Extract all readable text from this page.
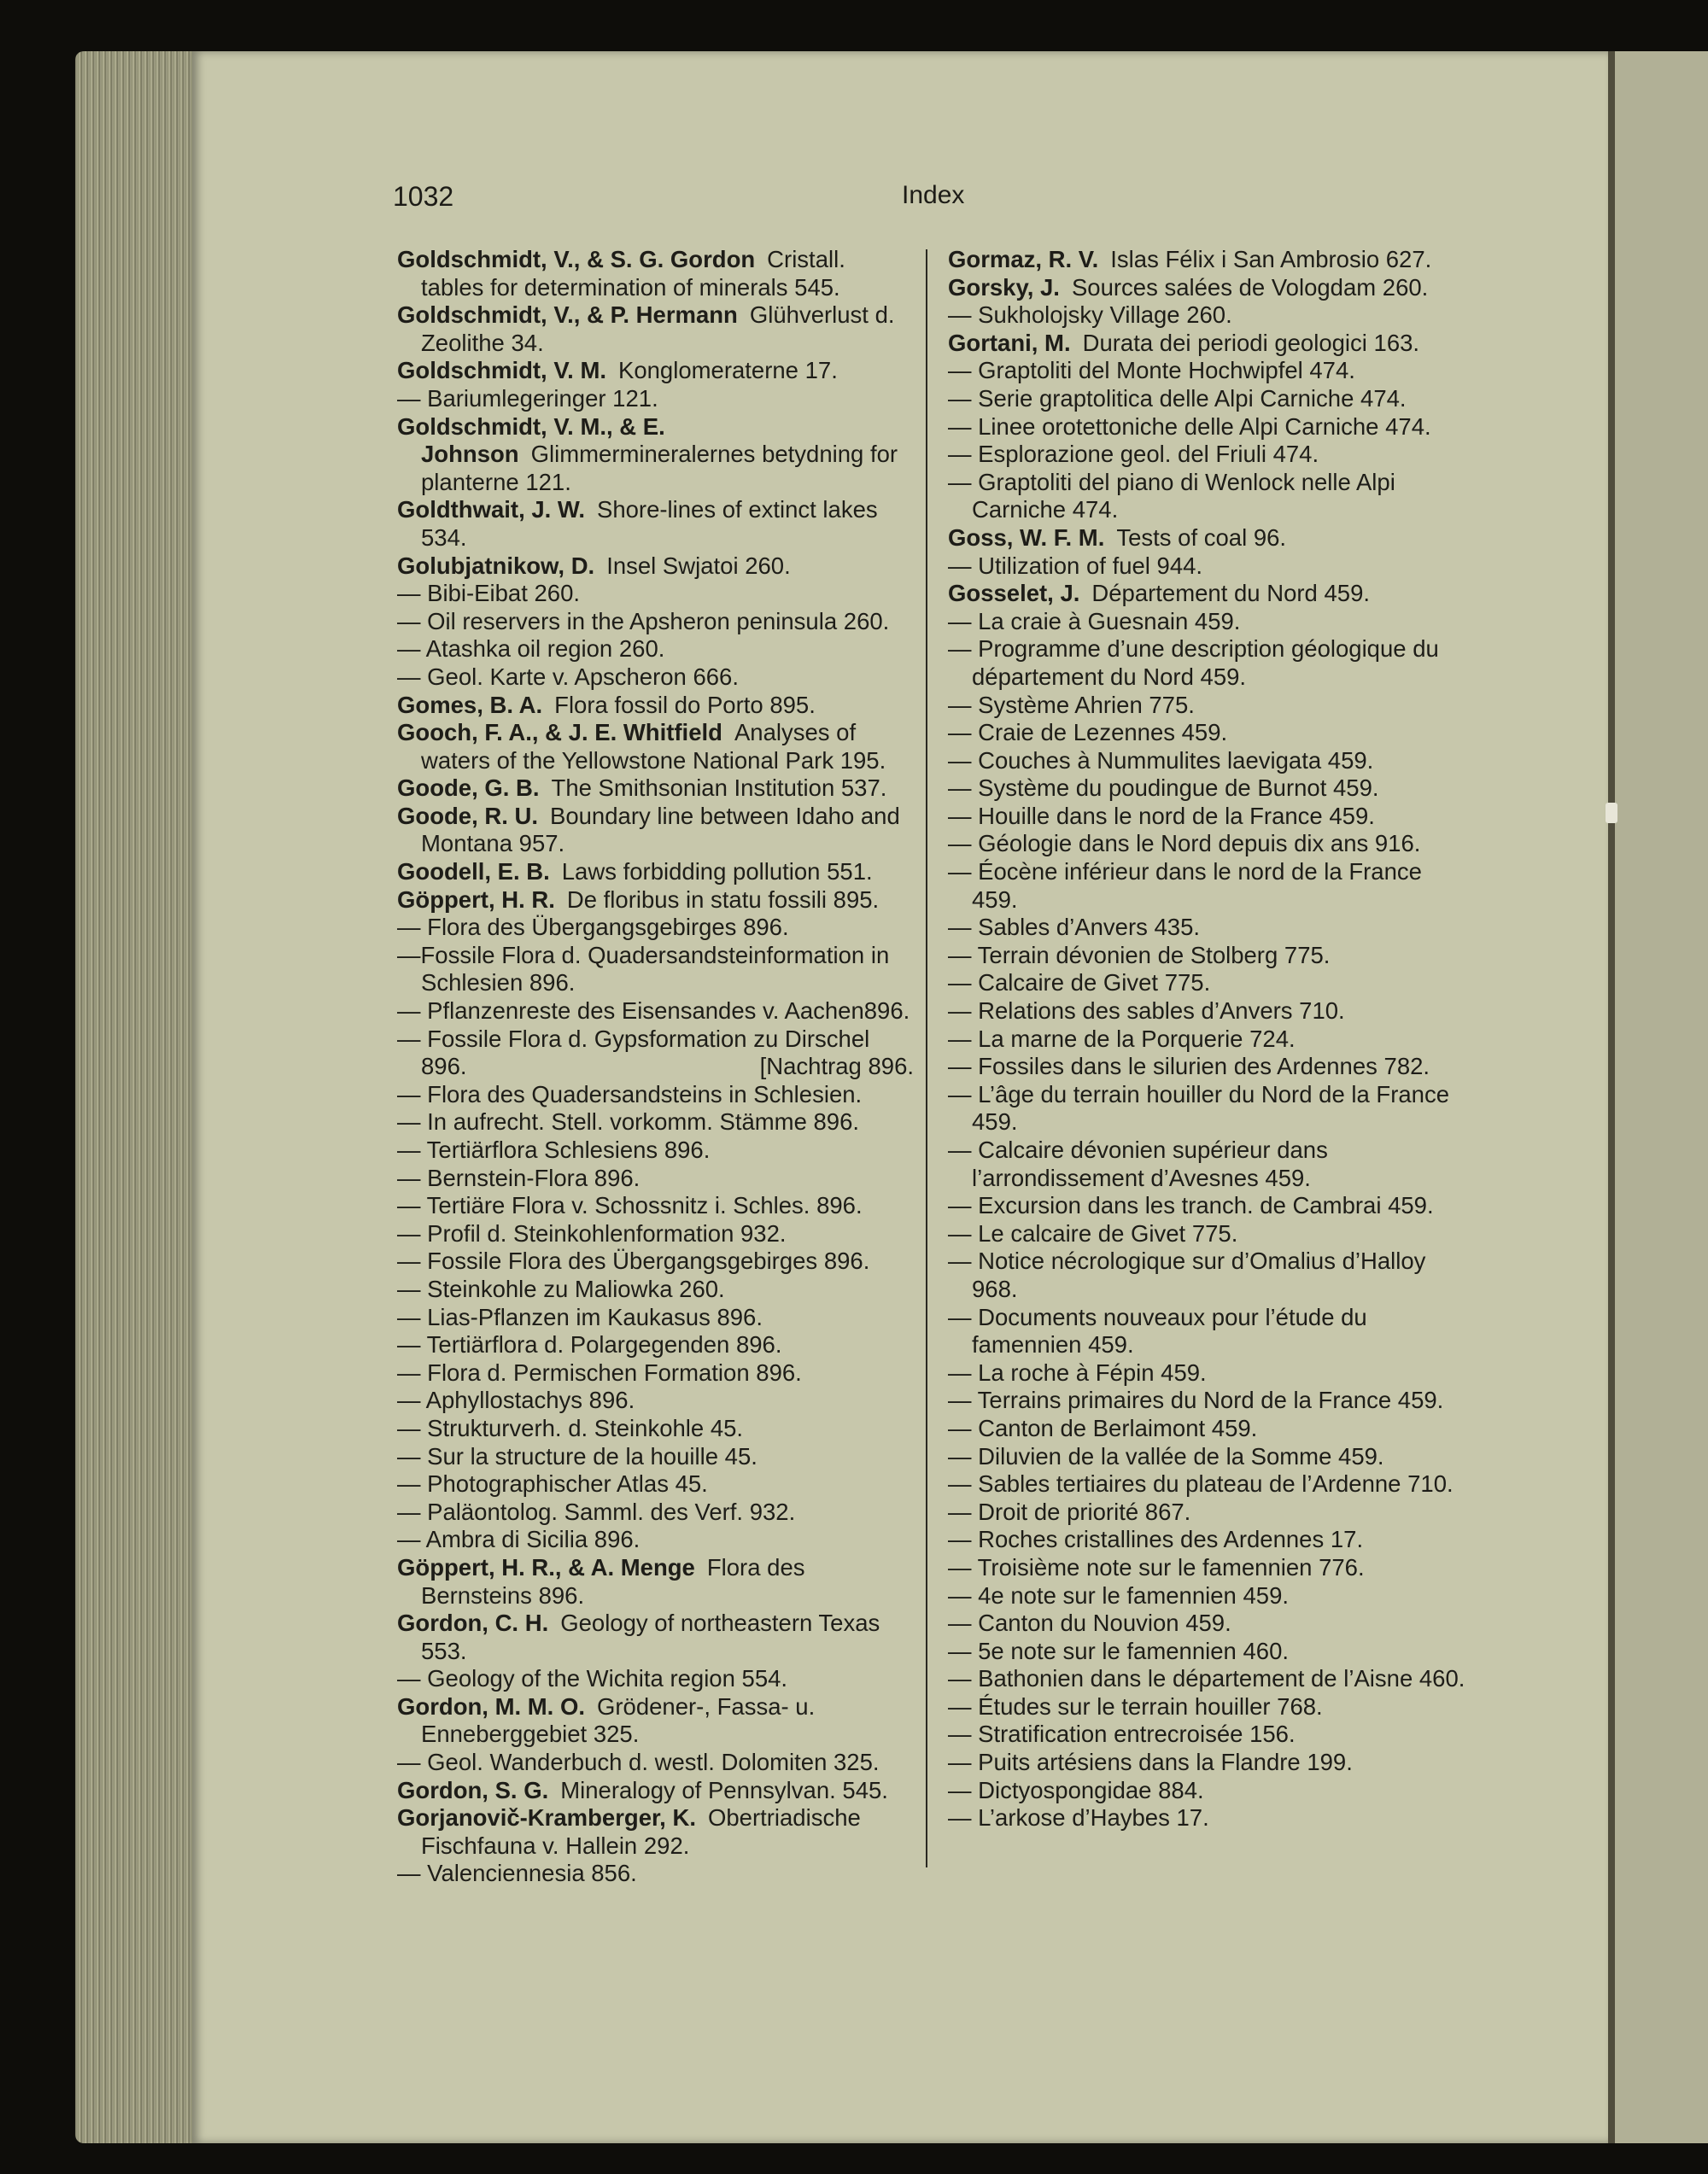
1032	Index
Goldschmidt, V., & S. G. Gordon Cristall. tables for determination of minerals 545.
Goldschmidt, V., & P. Hermann Glühverlust d. Zeolithe 34.
Goldschmidt, V. M. Konglomeraterne 17.
— Bariumlegeringer 121.
Goldschmidt, V. M., & E. Johnson Glimmermineralernes betydning for planterne 121.
Goldthwait, J. W. Shore-lines of extinct lakes 534.
Golubjatnikow, D. Insel Swjatoi 260.
— Bibi-Eibat 260.
— Oil reservers in the Apsheron peninsula 260.
— Atashka oil region 260.
— Geol. Karte v. Apscheron 666.
Gomes, B. A. Flora fossil do Porto 895.
Gooch, F. A., & J. E. Whitfield Analyses of waters of the Yellowstone National Park 195.
Goode, G. B. The Smithsonian Institution 537.
Goode, R. U. Boundary line between Idaho and Montana 957.
Goodell, E. B. Laws forbidding pollution 551.
Göppert, H. R. De floribus in statu fossili 895.
— Flora des Übergangsgebirges 896.
—Fossile Flora d. Quadersandsteinformation in Schlesien 896.
— Pflanzenreste des Eisensandes v. Aachen896.
— Fossile Flora d. Gypsformation zu Dirschel 896.	[Nachtrag 896.
— Flora des Quadersandsteins in Schlesien.
— In aufrecht. Stell. vorkomm. Stämme 896.
— Tertiärflora Schlesiens 896.
— Bernstein-Flora 896.
— Tertiäre Flora v. Schossnitz i. Schles. 896.
— Profil d. Steinkohlenformation 932.
— Fossile Flora des Übergangsgebirges 896.
— Steinkohle zu Maliowka 260.
— Lias-Pflanzen im Kaukasus 896.
— Tertiärflora d. Polargegenden 896.
— Flora d. Permischen Formation 896.
— Aphyllostachys 896.
— Strukturverh. d. Steinkohle 45.
— Sur la structure de la houille 45.
— Photographischer Atlas 45.
— Paläontolog. Samml. des Verf. 932.
— Ambra di Sicilia 896.
Göppert, H. R., & A. Menge Flora des Bernsteins 896.
Gordon, C. H. Geology of northeastern Texas 553.
— Geology of the Wichita region 554.
Gordon, M. M. O. Grödener-, Fassa- u. Enneberggebiet 325.
— Geol. Wanderbuch d. westl. Dolomiten 325.
Gordon, S. G. Mineralogy of Pennsylvan. 545.
Gorjanovič-Kramberger, K. Obertriadische Fischfauna v. Hallein 292.
— Valenciennesia 856.
Gormaz, R. V. Islas Félix i San Ambrosio 627.
Gorsky, J. Sources salées de Vologdam 260.
— Sukholojsky Village 260.
Gortani, M. Durata dei periodi geologici 163.
— Graptoliti del Monte Hochwipfel 474.
— Serie graptolitica delle Alpi Carniche 474.
— Linee orotettoniche delle Alpi Carniche 474.
— Esplorazione geol. del Friuli 474.
— Graptoliti del piano di Wenlock nelle Alpi Carniche 474.
Goss, W. F. M. Tests of coal 96.
— Utilization of fuel 944.
Gosselet, J. Département du Nord 459.
— La craie à Guesnain 459.
— Programme d’une description géologique du département du Nord 459.
— Système Ahrien 775.
— Craie de Lezennes 459.
— Couches à Nummulites laevigata 459.
— Système du poudingue de Burnot 459.
— Houille dans le nord de la France 459.
— Géologie dans le Nord depuis dix ans 916.
— Éocène inférieur dans le nord de la France 459.
— Sables d’Anvers 435.
— Terrain dévonien de Stolberg 775.
— Calcaire de Givet 775.
— Relations des sables d’Anvers 710.
— La marne de la Porquerie 724.
— Fossiles dans le silurien des Ardennes 782.
— L’âge du terrain houiller du Nord de la France 459.
— Calcaire dévonien supérieur dans l’arrondissement d’Avesnes 459.
— Excursion dans les tranch. de Cambrai 459.
— Le calcaire de Givet 775.
— Notice nécrologique sur d’Omalius d’Halloy 968.
— Documents nouveaux pour l’étude du famennien 459.
— La roche à Fépin 459.
— Terrains primaires du Nord de la France 459.
— Canton de Berlaimont 459.
— Diluvien de la vallée de la Somme 459.
— Sables tertiaires du plateau de l’Ardenne 710.
— Droit de priorité 867.
— Roches cristallines des Ardennes 17.
— Troisième note sur le famennien 776.
— 4e note sur le famennien 459.
— Canton du Nouvion 459.
— 5e note sur le famennien 460.
— Bathonien dans le département de l’Aisne 460.
— Études sur le terrain houiller 768.
— Stratification entrecroisée 156.
— Puits artésiens dans la Flandre 199.
— Dictyospongidae 884.
— L’arkose d’Haybes 17.
